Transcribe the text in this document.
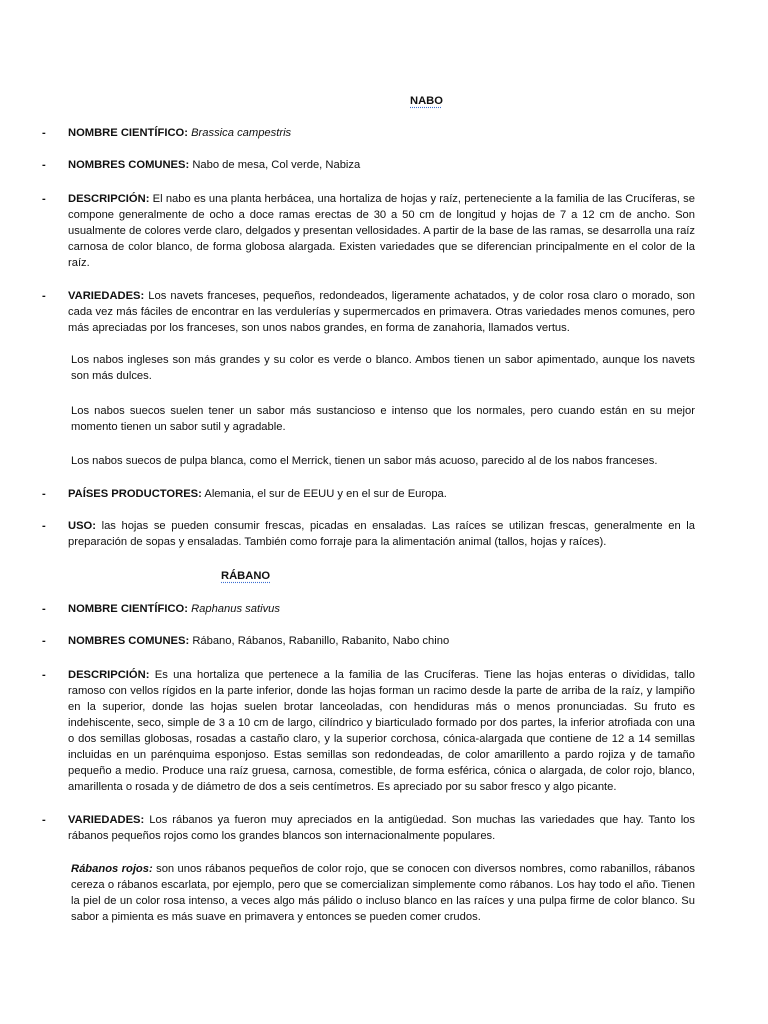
NABO
- NOMBRE CIENTÍFICO: Brassica campestris
- NOMBRES COMUNES: Nabo de mesa, Col verde, Nabiza
- DESCRIPCIÓN: El nabo es una planta herbácea, una hortaliza de hojas y raíz, perteneciente a la familia de las Crucíferas, se compone generalmente de ocho a doce ramas erectas de 30 a 50 cm de longitud y hojas de 7 a 12 cm de ancho. Son usualmente de colores verde claro, delgados y presentan vellosidades. A partir de la base de las ramas, se desarrolla una raíz carnosa de color blanco, de forma globosa alargada. Existen variedades que se diferencian principalmente en el color de la raíz.
- VARIEDADES: Los navets franceses, pequeños, redondeados, ligeramente achatados, y de color rosa claro o morado, son cada vez más fáciles de encontrar en las verdulerías y supermercados en primavera. Otras variedades menos comunes, pero más apreciadas por los franceses, son unos nabos grandes, en forma de zanahoria, llamados vertus.
Los nabos ingleses son más grandes y su color es verde o blanco. Ambos tienen un sabor apimentado, aunque los navets son más dulces.
Los nabos suecos suelen tener un sabor más sustancioso e intenso que los normales, pero cuando están en su mejor momento tienen un sabor sutil y agradable.
Los nabos suecos de pulpa blanca, como el Merrick, tienen un sabor más acuoso, parecido al de los nabos franceses.
- PAÍSES PRODUCTORES: Alemania, el sur de EEUU y en el sur de Europa.
- USO: las hojas se pueden consumir frescas, picadas en ensaladas. Las raíces se utilizan frescas, generalmente en la preparación de sopas y ensaladas. También como forraje para la alimentación animal (tallos, hojas y raíces).
RÁBANO
- NOMBRE CIENTÍFICO: Raphanus sativus
- NOMBRES COMUNES: Rábano, Rábanos, Rabanillo, Rabanito, Nabo chino
- DESCRIPCIÓN: Es una hortaliza que pertenece a la familia de las Crucíferas. Tiene las hojas enteras o divididas, tallo ramoso con vellos rígidos en la parte inferior, donde las hojas forman un racimo desde la parte de arriba de la raíz, y lampiño en la superior, donde las hojas suelen brotar lanceoladas, con hendiduras más o menos pronunciadas. Su fruto es indehiscente, seco, simple de 3 a 10 cm de largo, cilíndrico y biarticulado formado por dos partes, la inferior atrofiada con una o dos semillas globosas, rosadas a castaño claro, y la superior corchosa, cónica-alargada que contiene de 12 a 14 semillas incluidas en un parénquima esponjoso. Estas semillas son redondeadas, de color amarillento a pardo rojiza y de tamaño pequeño a medio. Produce una raíz gruesa, carnosa, comestible, de forma esférica, cónica o alargada, de color rojo, blanco, amarillenta o rosada y de diámetro de dos a seis centímetros. Es apreciado por su sabor fresco y algo picante.
- VARIEDADES: Los rábanos ya fueron muy apreciados en la antigüedad. Son muchas las variedades que hay. Tanto los rábanos pequeños rojos como los grandes blancos son internacionalmente populares.
Rábanos rojos: son unos rábanos pequeños de color rojo, que se conocen con diversos nombres, como rabanillos, rábanos cereza o rábanos escarlata, por ejemplo, pero que se comercializan simplemente como rábanos. Los hay todo el año. Tienen la piel de un color rosa intenso, a veces algo más pálido o incluso blanco en las raíces y una pulpa firme de color blanco. Su sabor a pimienta es más suave en primavera y entonces se pueden comer crudos.
